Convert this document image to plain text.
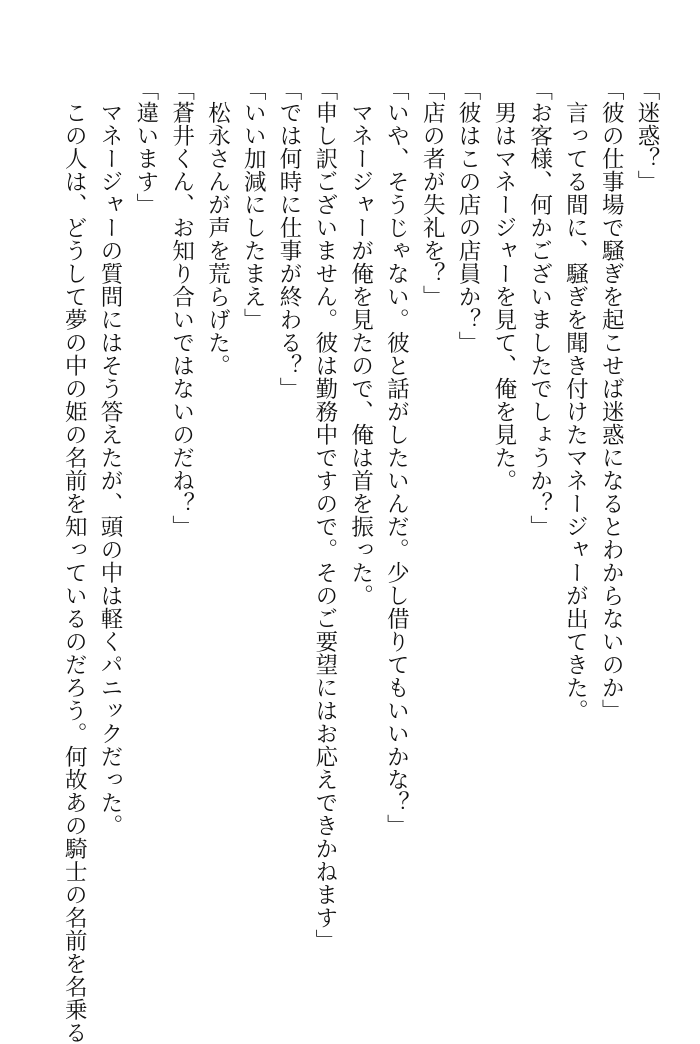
「迷惑？」
「彼の仕事場で騒ぎを起こせば迷惑になるとわからないのか」
　言ってる間に、騒ぎを聞き付けたマネージャーが出てきた。
「お客様、何かございましたでしょうか？」
　男はマネージャーを見て、俺を見た。
「彼はこの店の店員か？」
「店の者が失礼を？」
「いや、そうじゃない。彼と話がしたいんだ。少し借りてもいいかな？」
　マネージャーが俺を見たので、俺は首を振った。
「申し訳ございません。彼は勤務中ですので。そのご要望にはお応えできかねます」
「では何時に仕事が終わる？」
「いい加減にしたまえ」
　松永さんが声を荒らげた。
「蒼井くん、お知り合いではないのだね？」
「違います」
　マネージャーの質問にはそう答えたが、頭の中は軽くパニックだった。
　この人は、どうして夢の中の姫の名前を知っているのだろう。何故あの騎士の名前を名乗る
